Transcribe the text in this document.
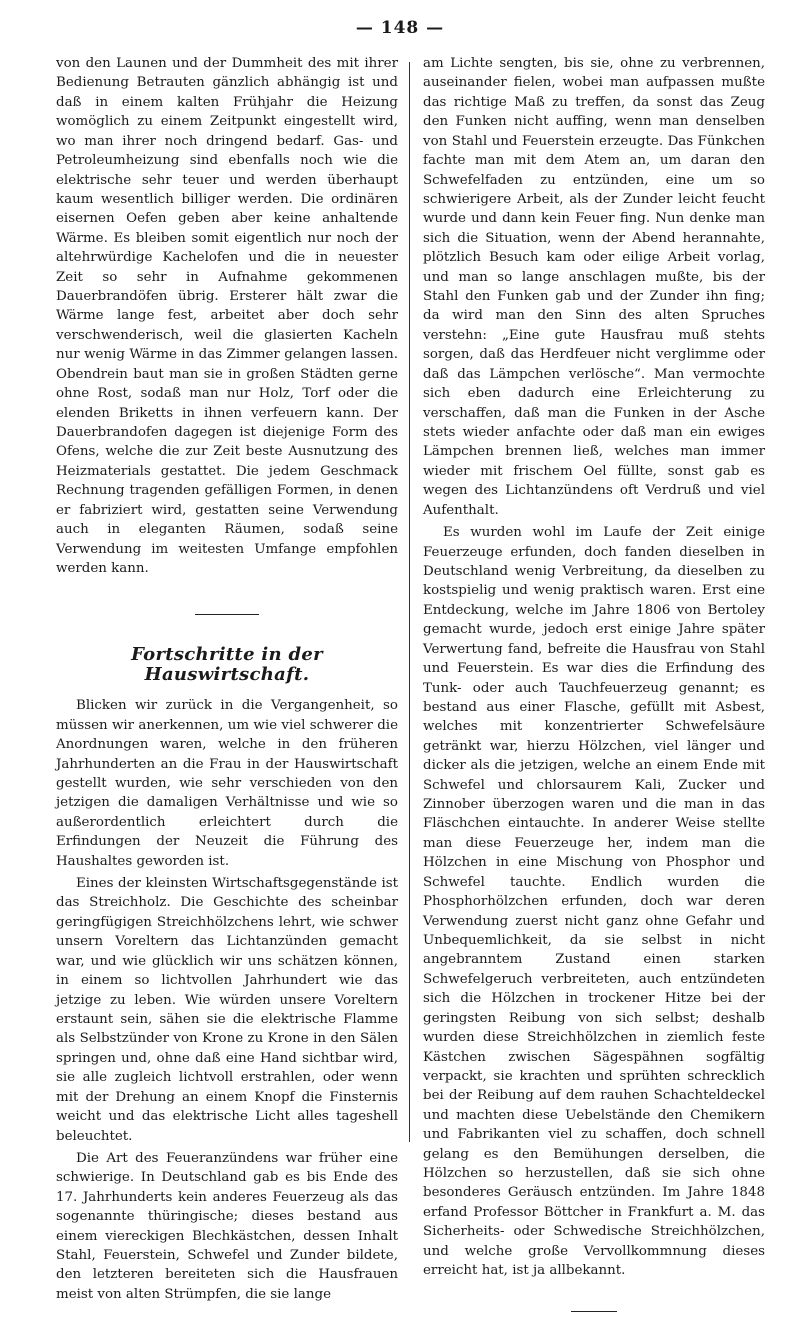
— 148 —

von den Launen und der Dummheit des mit ihrer Bedienung Betrauten gänzlich abhängig ist und daß in einem kalten Frühjahr die Heizung womöglich zu einem Zeitpunkt eingestellt wird, wo man ihrer noch dringend bedarf. Gas- und Petroleumheizung sind ebenfalls noch wie die elektrische sehr teuer und werden überhaupt kaum wesentlich billiger werden. Die ordinären eisernen Oefen geben aber keine anhaltende Wärme. Es bleiben somit eigentlich nur noch der altehrwürdige Kachelofen und die in neuester Zeit so sehr in Aufnahme gekommenen Dauerbrandöfen übrig. Ersterer hält zwar die Wärme lange fest, arbeitet aber doch sehr verschwenderisch, weil die glasierten Kacheln nur wenig Wärme in das Zimmer gelangen lassen. Obendrein baut man sie in großen Städten gerne ohne Rost, sodaß man nur Holz, Torf oder die elenden Briketts in ihnen verfeuern kann. Der Dauerbrandofen dagegen ist diejenige Form des Ofens, welche die zur Zeit beste Ausnutzung des Heizmaterials gestattet. Die jedem Geschmack Rechnung tragenden gefälligen Formen, in denen er fabriziert wird, gestatten seine Verwendung auch in eleganten Räumen, sodaß seine Verwendung im weitesten Umfange empfohlen werden kann.

Fortschritte in der Hauswirtschaft.

Blicken wir zurück in die Vergangenheit, so müssen wir anerkennen, um wie viel schwerer die Anordnungen waren, welche in den früheren Jahrhunderten an die Frau in der Hauswirtschaft gestellt wurden, wie sehr verschieden von den jetzigen die damaligen Verhältnisse und wie so außerordentlich erleichtert durch die Erfindungen der Neuzeit die Führung des Haushaltes geworden ist.

Eines der kleinsten Wirtschaftsgegenstände ist das Streichholz. Die Geschichte des scheinbar geringfügigen Streichhölzchens lehrt, wie schwer unsern Voreltern das Lichtanzünden gemacht war, und wie glücklich wir uns schätzen können, in einem so lichtvollen Jahrhundert wie das jetzige zu leben. Wie würden unsere Voreltern erstaunt sein, sähen sie die elektrische Flamme als Selbstzünder von Krone zu Krone in den Sälen springen und, ohne daß eine Hand sichtbar wird, sie alle zugleich lichtvoll erstrahlen, oder wenn mit der Drehung an einem Knopf die Finsternis weicht und das elektrische Licht alles tageshell beleuchtet.

Die Art des Feueranzündens war früher eine schwierige. In Deutschland gab es bis Ende des 17. Jahrhunderts kein anderes Feuerzeug als das sogenannte thüringische; dieses bestand aus einem viereckigen Blechkästchen, dessen Inhalt Stahl, Feuerstein, Schwefel und Zunder bildete, den letzteren bereiteten sich die Hausfrauen meist von alten Strümpfen, die sie lange

am Lichte sengten, bis sie, ohne zu verbrennen, auseinander fielen, wobei man aufpassen mußte das richtige Maß zu treffen, da sonst das Zeug den Funken nicht auffing, wenn man denselben von Stahl und Feuerstein erzeugte. Das Fünkchen fachte man mit dem Atem an, um daran den Schwefelfaden zu entzünden, eine um so schwierigere Arbeit, als der Zunder leicht feucht wurde und dann kein Feuer fing. Nun denke man sich die Situation, wenn der Abend herannahte, plötzlich Besuch kam oder eilige Arbeit vorlag, und man so lange anschlagen mußte, bis der Stahl den Funken gab und der Zunder ihn fing; da wird man den Sinn des alten Spruches verstehn: „Eine gute Hausfrau muß stehts sorgen, daß das Herdfeuer nicht verglimme oder daß das Lämpchen verlösche“. Man vermochte sich eben dadurch eine Erleichterung zu verschaffen, daß man die Funken in der Asche stets wieder anfachte oder daß man ein ewiges Lämpchen brennen ließ, welches man immer wieder mit frischem Oel füllte, sonst gab es wegen des Lichtanzündens oft Verdruß und viel Aufenthalt.

Es wurden wohl im Laufe der Zeit einige Feuerzeuge erfunden, doch fanden dieselben in Deutschland wenig Verbreitung, da dieselben zu kostspielig und wenig praktisch waren. Erst eine Entdeckung, welche im Jahre 1806 von Bertoley gemacht wurde, jedoch erst einige Jahre später Verwertung fand, befreite die Hausfrau von Stahl und Feuerstein. Es war dies die Erfindung des Tunk- oder auch Tauchfeuerzeug genannt; es bestand aus einer Flasche, gefüllt mit Asbest, welches mit konzentrierter Schwefelsäure getränkt war, hierzu Hölzchen, viel länger und dicker als die jetzigen, welche an einem Ende mit Schwefel und chlorsaurem Kali, Zucker und Zinnober überzogen waren und die man in das Fläschchen eintauchte. In anderer Weise stellte man diese Feuerzeuge her, indem man die Hölzchen in eine Mischung von Phosphor und Schwefel tauchte. Endlich wurden die Phosphorhölzchen erfunden, doch war deren Verwendung zuerst nicht ganz ohne Gefahr und Unbequemlichkeit, da sie selbst in nicht angebranntem Zustand einen starken Schwefelgeruch verbreiteten, auch entzündeten sich die Hölzchen in trockener Hitze bei der geringsten Reibung von sich selbst; deshalb wurden diese Streichhölzchen in ziemlich feste Kästchen zwischen Sägespähnen sogfältig verpackt, sie krachten und sprühten schrecklich bei der Reibung auf dem rauhen Schachteldeckel und machten diese Uebelstände den Chemikern und Fabrikanten viel zu schaffen, doch schnell gelang es den Bemühungen derselben, die Hölzchen so herzustellen, daß sie sich ohne besonderes Geräusch entzünden. Im Jahre 1848 erfand Professor Böttcher in Frankfurt a. M. das Sicherheits- oder Schwedische Streichhölzchen, und welche große Vervollkommnung dieses erreicht hat, ist ja allbekannt.
